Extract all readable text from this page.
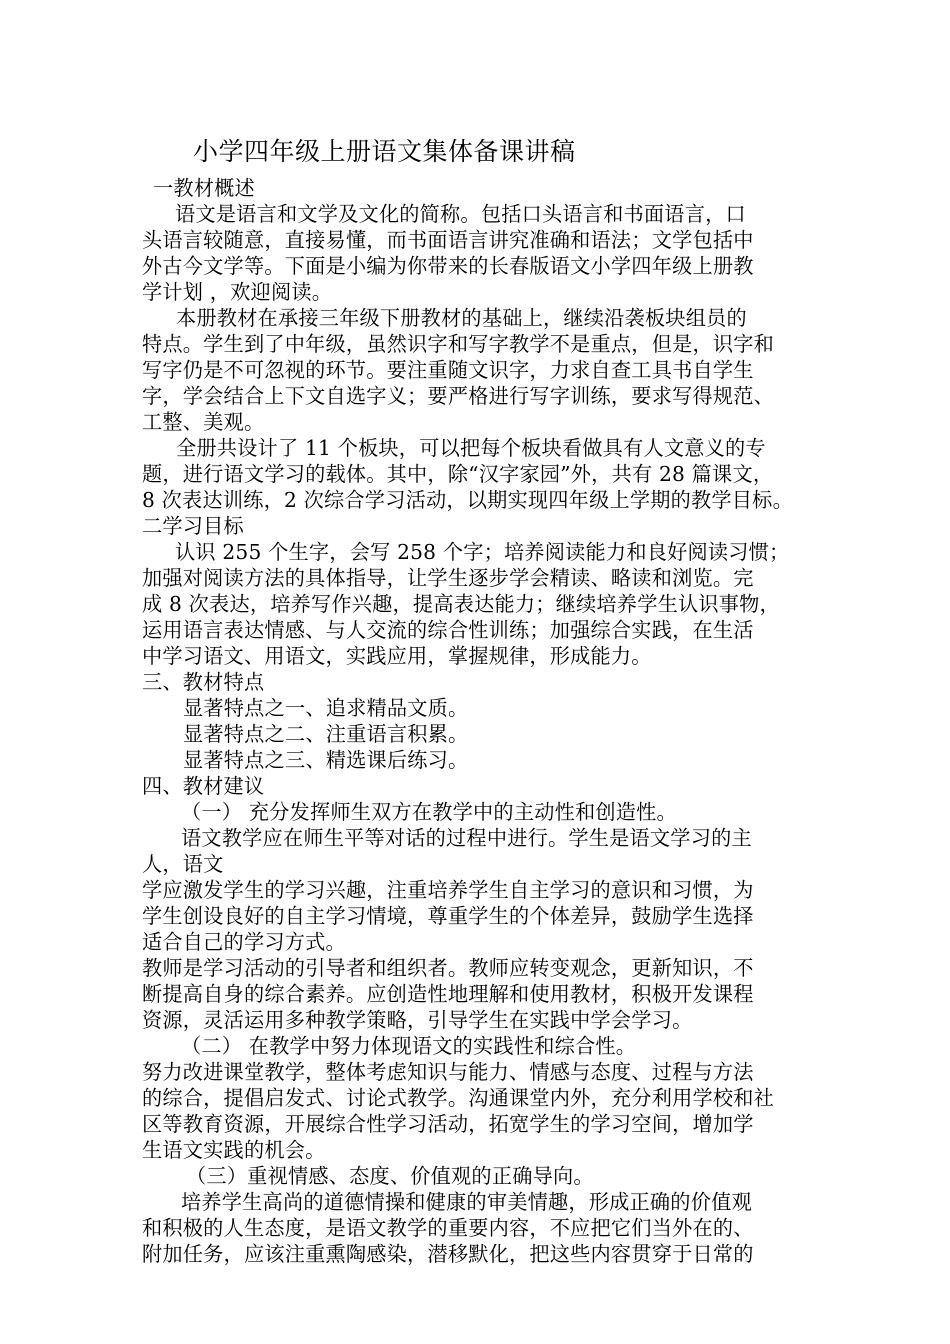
小学四年级上册语文集体备课讲稿
一教材概述
语文是语言和文学及文化的简称。包括口头语言和书面语言，口
头语言较随意，直接易懂，而书面语言讲究准确和语法；文学包括中
外古今文学等。下面是小编为你带来的长春版语文小学四年级上册教
学计划 ，欢迎阅读。
本册教材在承接三年级下册教材的基础上，继续沿袭板块组员的
特点。学生到了中年级，虽然识字和写字教学不是重点，但是，识字和
写字仍是不可忽视的环节。要注重随文识字，力求自查工具书自学生
字，学会结合上下文自选字义；要严格进行写字训练，要求写得规范、
工整、美观。
全册共设计了 11 个板块，可以把每个板块看做具有人文意义的专
题，进行语文学习的载体。其中，除“汉字家园”外，共有 28 篇课文，
8 次表达训练，2 次综合学习活动，以期实现四年级上学期的教学目标。
二学习目标
认识 255 个生字，会写 258 个字；培养阅读能力和良好阅读习惯；
加强对阅读方法的具体指导，让学生逐步学会精读、略读和浏览。完
成 8 次表达，培养写作兴趣，提高表达能力；继续培养学生认识事物，
运用语言表达情感、与人交流的综合性训练；加强综合实践，在生活
中学习语文、用语文，实践应用，掌握规律，形成能力。
三、教材特点
显著特点之一、追求精品文质。
显著特点之二、注重语言积累。
显著特点之三、精选课后练习。
四、教材建议
（一） 充分发挥师生双方在教学中的主动性和创造性。
语文教学应在师生平等对话的过程中进行。学生是语文学习的主
人，语文
学应激发学生的学习兴趣，注重培养学生自主学习的意识和习惯，为
学生创设良好的自主学习情境，尊重学生的个体差异，鼓励学生选择
适合自己的学习方式。
教师是学习活动的引导者和组织者。教师应转变观念，更新知识，不
断提高自身的综合素养。应创造性地理解和使用教材，积极开发课程
资源，灵活运用多种教学策略，引导学生在实践中学会学习。
（二） 在教学中努力体现语文的实践性和综合性。
努力改进课堂教学，整体考虑知识与能力、情感与态度、过程与方法
的综合，提倡启发式、讨论式教学。沟通课堂内外，充分利用学校和社
区等教育资源，开展综合性学习活动，拓宽学生的学习空间，增加学
生语文实践的机会。
（三）重视情感、态度、价值观的正确导向。
培养学生高尚的道德情操和健康的审美情趣，形成正确的价值观
和积极的人生态度，是语文教学的重要内容，不应把它们当外在的、
附加任务，应该注重熏陶感染，潜移默化，把这些内容贯穿于日常的
